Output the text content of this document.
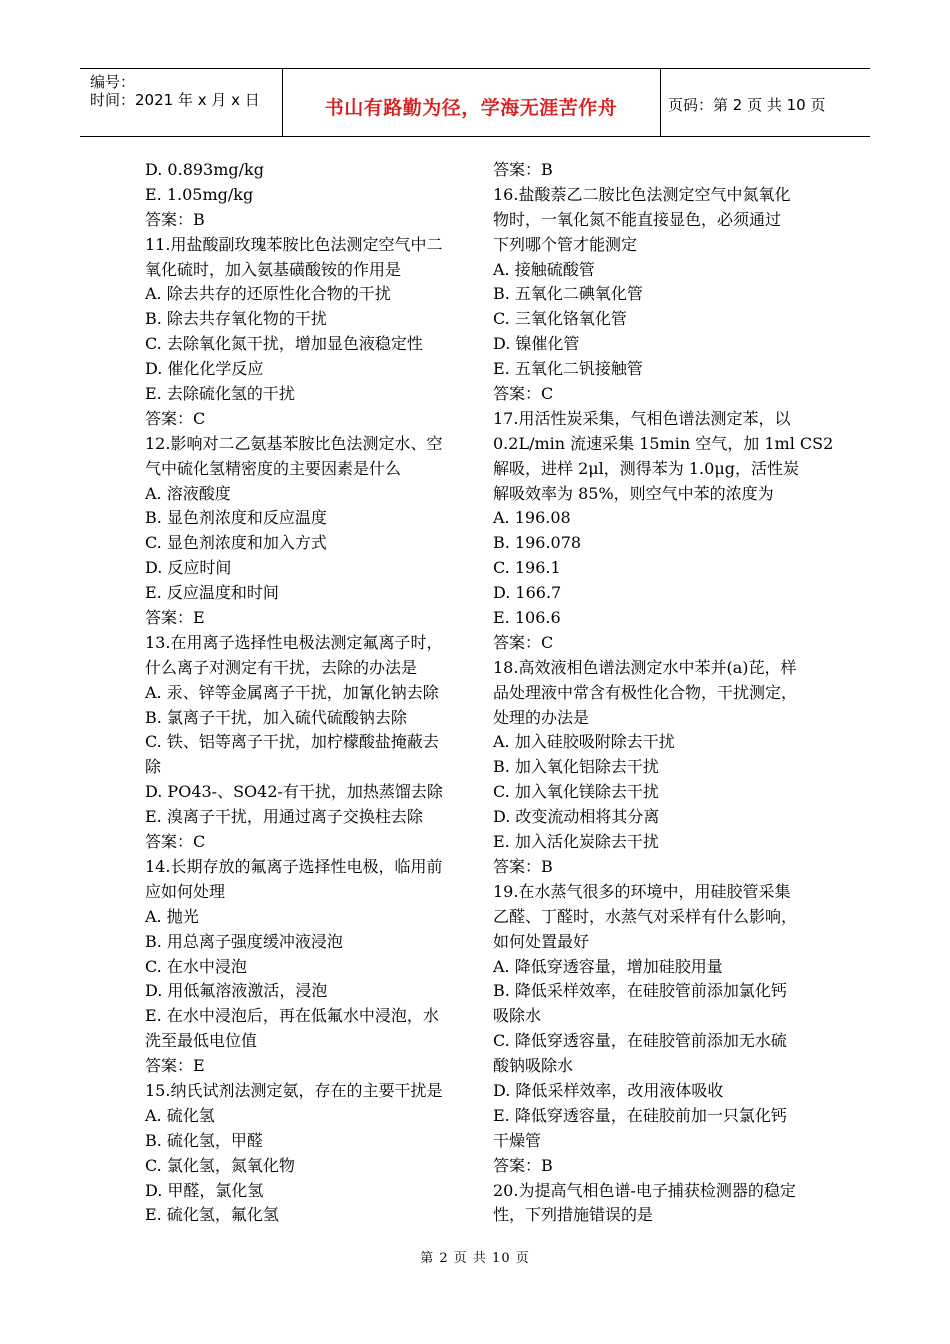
编号：
时间：2021 年 x 月 x 日	书山有路勤为径，学海无涯苦作舟	页码：第 2 页 共 10 页
D. 0.893mg/kg
E. 1.05mg/kg
答案：B
11.用盐酸副玫瑰苯胺比色法测定空气中二
氧化硫时，加入氨基磺酸铵的作用是
A. 除去共存的还原性化合物的干扰
B. 除去共存氧化物的干扰
C. 去除氧化氮干扰，增加显色液稳定性
D. 催化化学反应
E. 去除硫化氢的干扰
答案：C
12.影响对二乙氨基苯胺比色法测定水、空
气中硫化氢精密度的主要因素是什么
A. 溶液酸度
B. 显色剂浓度和反应温度
C. 显色剂浓度和加入方式
D. 反应时间
E. 反应温度和时间
答案：E
13.在用离子选择性电极法测定氟离子时，
什么离子对测定有干扰，去除的办法是
A. 汞、锌等金属离子干扰，加氰化钠去除
B. 氯离子干扰，加入硫代硫酸钠去除
C. 铁、铝等离子干扰，加柠檬酸盐掩蔽去
除
D. PO43-、SO42-有干扰，加热蒸馏去除
E. 溴离子干扰，用通过离子交换柱去除
答案：C
14.长期存放的氟离子选择性电极，临用前
应如何处理
A. 抛光
B. 用总离子强度缓冲液浸泡
C. 在水中浸泡
D. 用低氟溶液激活，浸泡
E. 在水中浸泡后，再在低氟水中浸泡，水
洗至最低电位值
答案：E
15.纳氏试剂法测定氨，存在的主要干扰是
A. 硫化氢
B. 硫化氢，甲醛
C. 氯化氢，氮氧化物
D. 甲醛，氯化氢
E. 硫化氢，氟化氢
答案：B
16.盐酸萘乙二胺比色法测定空气中氮氧化
物时，一氧化氮不能直接显色，必须通过
下列哪个管才能测定
A. 接触硫酸管
B. 五氧化二碘氧化管
C. 三氧化铬氧化管
D. 镍催化管
E. 五氧化二钒接触管
答案：C
17.用活性炭采集，气相色谱法测定苯，以
0.2L/min 流速采集 15min 空气，加 1ml CS2
解吸，进样 2μl，测得苯为 1.0μg，活性炭
解吸效率为 85%，则空气中苯的浓度为
A. 196.08
B. 196.078
C. 196.1
D. 166.7
E. 106.6
答案：C
18.高效液相色谱法测定水中苯并(a)芘，样
品处理液中常含有极性化合物，干扰测定，
处理的办法是
A. 加入硅胶吸附除去干扰
B. 加入氧化铝除去干扰
C. 加入氧化镁除去干扰
D. 改变流动相将其分离
E. 加入活化炭除去干扰
答案：B
19.在水蒸气很多的环境中，用硅胶管采集
乙醛、丁醛时，水蒸气对采样有什么影响，
如何处置最好
A. 降低穿透容量，增加硅胶用量
B. 降低采样效率，在硅胶管前添加氯化钙
吸除水
C. 降低穿透容量，在硅胶管前添加无水硫
酸钠吸除水
D. 降低采样效率，改用液体吸收
E. 降低穿透容量，在硅胶前加一只氯化钙
干燥管
答案：B
20.为提高气相色谱-电子捕获检测器的稳定
性，下列措施错误的是
第 2 页 共 10 页
